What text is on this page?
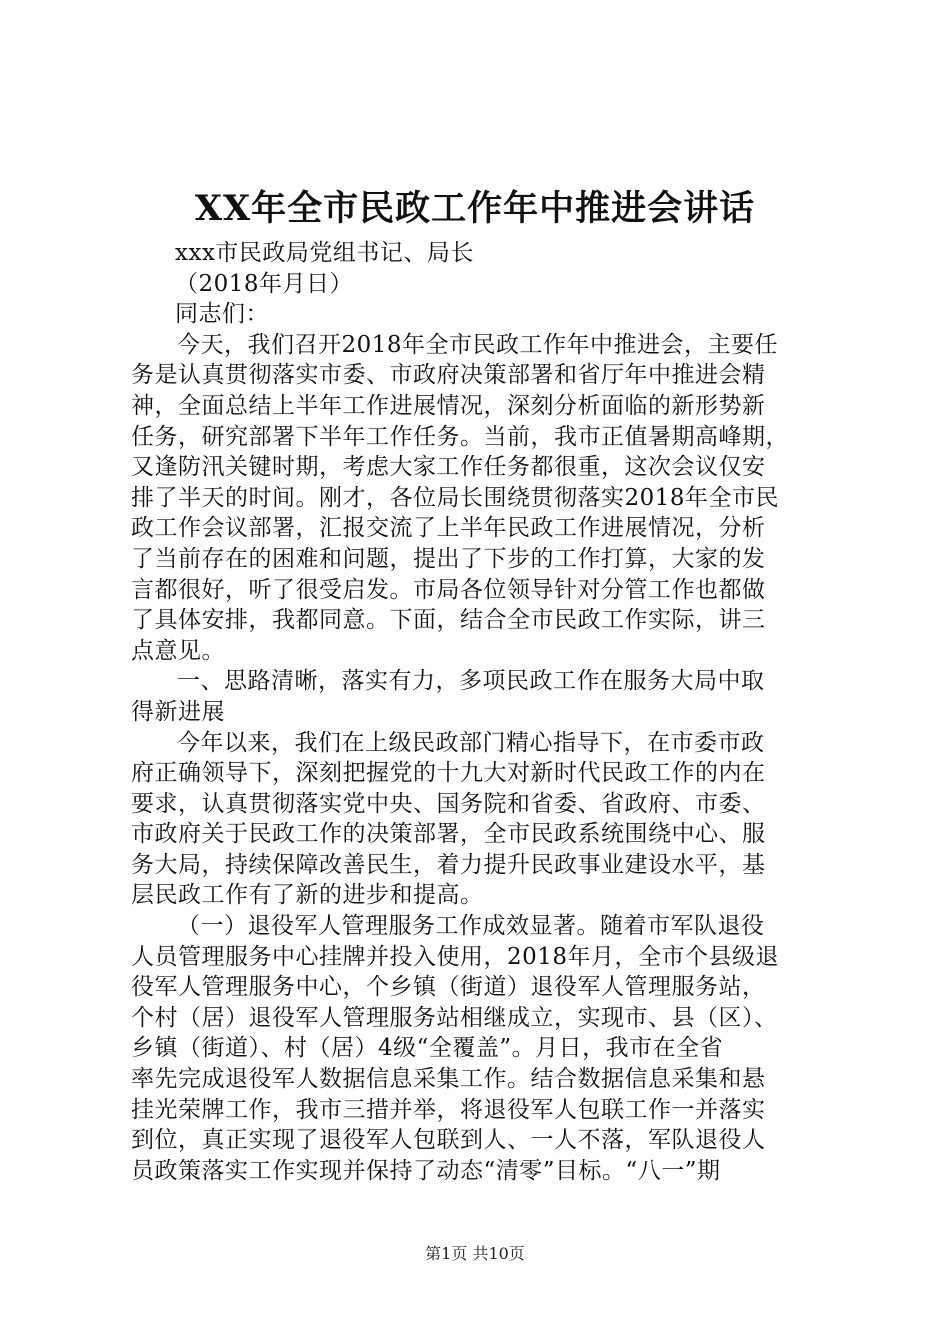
XX年全市民政工作年中推进会讲话
xxx市民政局党组书记、局长
（2018年月日）
同志们：
今天，我们召开2018年全市民政工作年中推进会，主要任
务是认真贯彻落实市委、市政府决策部署和省厅年中推进会精
神，全面总结上半年工作进展情况，深刻分析面临的新形势新
任务，研究部署下半年工作任务。当前，我市正值暑期高峰期，
又逢防汛关键时期，考虑大家工作任务都很重，这次会议仅安
排了半天的时间。刚才，各位局长围绕贯彻落实2018年全市民
政工作会议部署，汇报交流了上半年民政工作进展情况，分析
了当前存在的困难和问题，提出了下步的工作打算，大家的发
言都很好，听了很受启发。市局各位领导针对分管工作也都做
了具体安排，我都同意。下面，结合全市民政工作实际，讲三
点意见。
一、思路清晰，落实有力，多项民政工作在服务大局中取
得新进展
今年以来，我们在上级民政部门精心指导下，在市委市政
府正确领导下，深刻把握党的十九大对新时代民政工作的内在
要求，认真贯彻落实党中央、国务院和省委、省政府、市委、
市政府关于民政工作的决策部署，全市民政系统围绕中心、服
务大局，持续保障改善民生，着力提升民政事业建设水平，基
层民政工作有了新的进步和提高。
（一）退役军人管理服务工作成效显著。随着市军队退役
人员管理服务中心挂牌并投入使用，2018年月，全市个县级退
役军人管理服务中心，个乡镇（街道）退役军人管理服务站，
个村（居）退役军人管理服务站相继成立，实现市、县（区）、
乡镇（街道）、村（居）4级“全覆盖”。月日，我市在全省
率先完成退役军人数据信息采集工作。结合数据信息采集和悬
挂光荣牌工作，我市三措并举，将退役军人包联工作一并落实
到位，真正实现了退役军人包联到人、一人不落，军队退役人
员政策落实工作实现并保持了动态“清零”目标。“八一”期
第1页 共10页
